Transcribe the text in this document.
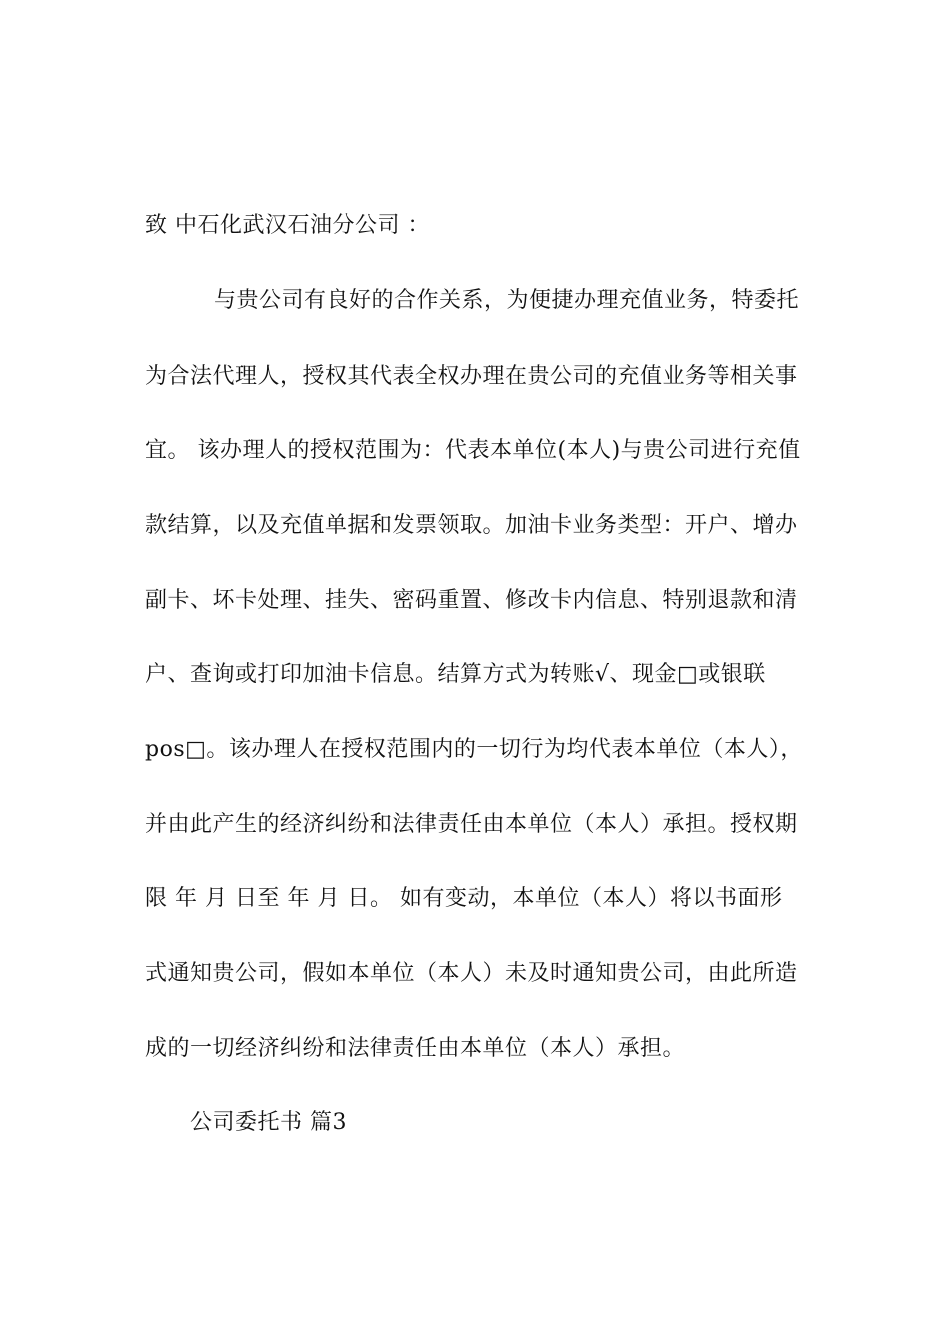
致 中石化武汉石油分公司 ：
与贵公司有良好的合作关系，为便捷办理充值业务，特委托
为合法代理人，授权其代表全权办理在贵公司的充值业务等相关事
宜。 该办理人的授权范围为：代表本单位(本人)与贵公司进行充值
款结算，以及充值单据和发票领取。加油卡业务类型：开户、增办
副卡、坏卡处理、挂失、密码重置、修改卡内信息、特别退款和清
户、查询或打印加油卡信息。结算方式为转账√、现金□或银联
pos□。该办理人在授权范围内的一切行为均代表本单位（本人），
并由此产生的经济纠纷和法律责任由本单位（本人）承担。授权期
限 年 月 日至 年 月 日。 如有变动，本单位（本人）将以书面形
式通知贵公司，假如本单位（本人）未及时通知贵公司，由此所造
成的一切经济纠纷和法律责任由本单位（本人）承担。
公司委托书 篇3
